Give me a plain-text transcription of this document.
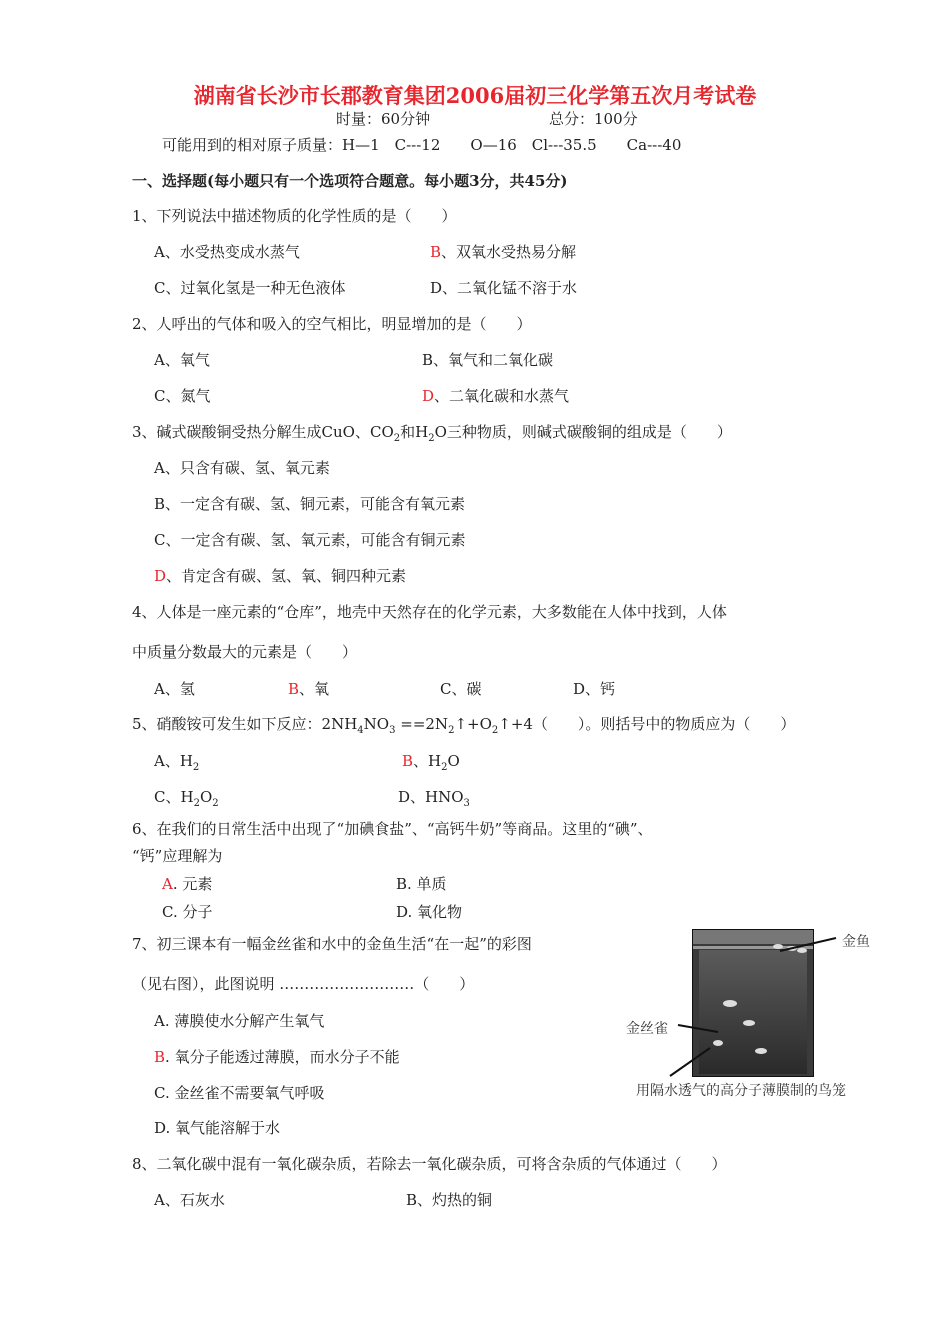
湖南省长沙市长郡教育集团2006届初三化学第五次月考试卷
时量：60分钟	总分：100分
可能用到的相对原子质量：H—1　C---12　　O—16　Cl---35.5　　Ca---40
一、选择题(每小题只有一个选项符合题意。每小题3分，共45分)
1、下列说法中描述物质的化学性质的是（　　）
A、水受热变成水蒸气	B、双氧水受热易分解
C、过氧化氢是一种无色液体	D、二氧化锰不溶于水
2、人呼出的气体和吸入的空气相比，明显增加的是（　　）
A、氧气	B、氧气和二氧化碳
C、氮气	D、二氧化碳和水蒸气
3、碱式碳酸铜受热分解生成CuO、$CO_2$和$H_2O$三种物质，则碱式碳酸铜的组成是（　　）
A、只含有碳、氢、氧元素
B、一定含有碳、氢、铜元素，可能含有氧元素
C、一定含有碳、氢、氧元素，可能含有铜元素
D、肯定含有碳、氢、氧、铜四种元素
4、人体是一座元素的“仓库”，地壳中天然存在的化学元素，大多数能在人体中找到，人体
中质量分数最大的元素是（　　）
A、氢	B、氧	C、碳	D、钙
5、硝酸铵可发生如下反应：$2NH_4NO_3$ $==2N_2↑+O_2↑+4$（　　）。则括号中的物质应为（　　）
A、$H_2$	B、$H_2O$
C、$H_2O_2$	D、$HNO_3$
6、在我们的日常生活中出现了“加碘食盐”、“高钙牛奶”等商品。这里的“碘”、
“钙”应理解为
A. 元素	B. 单质
C. 分子	D. 氧化物
7、初三课本有一幅金丝雀和水中的金鱼生活“在一起”的彩图
（见右图），此图说明 ………………………（　　）
A. 薄膜使水分解产生氧气
B. 氧分子能透过薄膜，而水分子不能
C. 金丝雀不需要氧气呼吸
D. 氧气能溶解于水
金鱼
金丝雀
用隔水透气的高分子薄膜制的鸟笼
8、二氧化碳中混有一氧化碳杂质，若除去一氧化碳杂质，可将含杂质的气体通过（　　）
A、石灰水	B、灼热的铜
